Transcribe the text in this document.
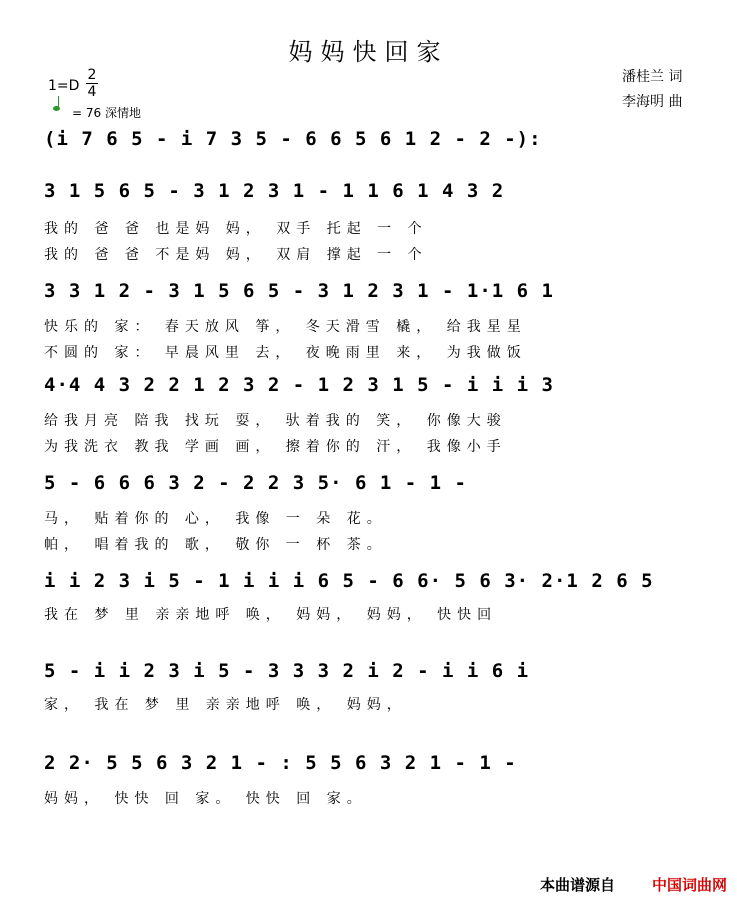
妈妈快回家
潘桂兰 词
李海明 曲
1=D
2
4
= 76 深情地
(i 7 6 5 - i 7 3 5 - 6 6 5 6 1 2 - 2 -):
3 1 5 6 5 - 3 1 2 3 1 - 1 1 6 1 4 3 2
我的 爸 爸 也是妈 妈， 双手 托起 一 个
我的 爸 爸 不是妈 妈， 双肩 撑起 一 个
3 3 1 2 - 3 1 5 6 5 - 3 1 2 3 1 - 1·1 6 1
快乐的 家： 春天放风 筝， 冬天滑雪 橇， 给我星星
不圆的 家： 早晨风里 去， 夜晚雨里 来， 为我做饭
4·4 4 3 2 2 1 2 3 2 - 1 2 3 1 5 - i i i 3
给我月亮 陪我 找玩 耍， 驮着我的 笑， 你像大骏
为我洗衣 教我 学画 画， 擦着你的 汗， 我像小手
5 - 6 6 6 3 2 - 2 2 3 5· 6 1 - 1 -
马， 贴着你的 心， 我像 一 朵 花。
帕， 唱着我的 歌， 敬你 一 杯 茶。
i i 2 3 i 5 - 1 i i i 6 5 - 6 6· 5 6 3· 2·1 2 6 5
我在 梦 里 亲亲地呼 唤， 妈妈， 妈妈， 快快回
5 - i i 2 3 i 5 - 3 3 3 2 i 2 - i i 6 i
家， 我在 梦 里 亲亲地呼 唤， 妈妈，
2 2· 5 5 6 3 2 1 - : 5 5 6 3 2 1 - 1 -
妈妈， 快快 回 家。 快快 回 家。
本曲谱源自 中国词曲网
